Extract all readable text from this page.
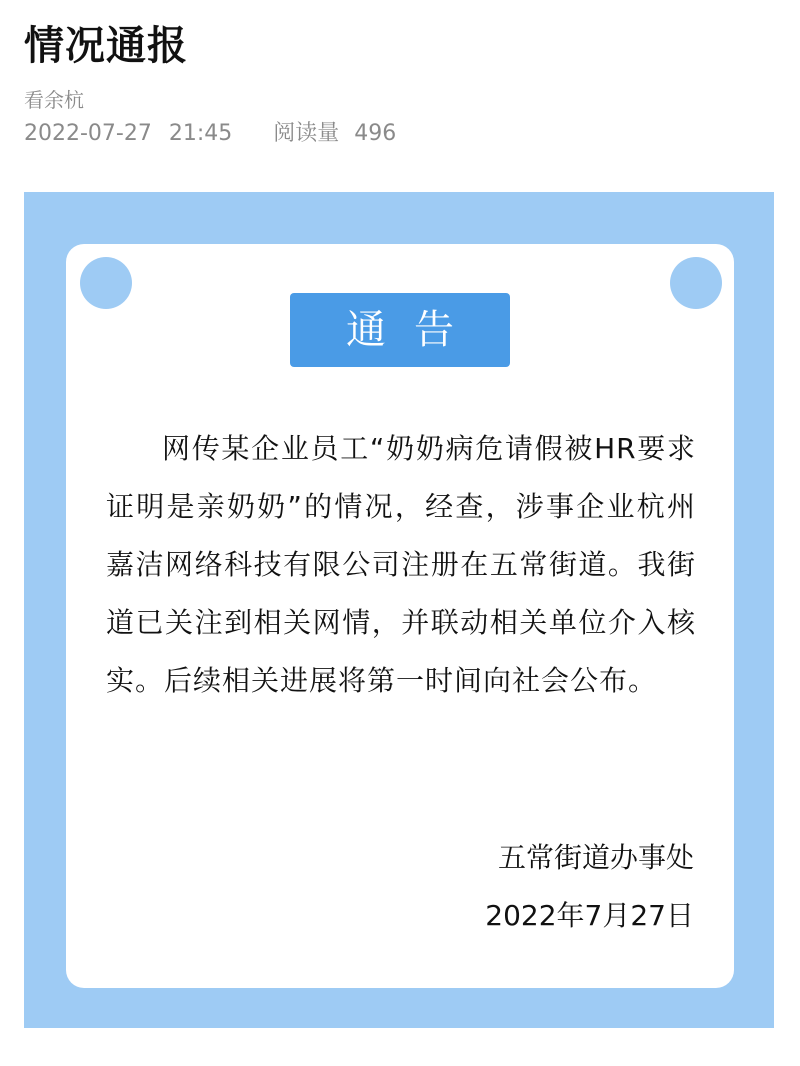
情况通报
看余杭
2022-07-27 21:45 阅读量 496
通告
网传某企业员工“奶奶病危请假被HR要求证明是亲奶奶”的情况，经查，涉事企业杭州嘉洁网络科技有限公司注册在五常街道。我街道已关注到相关网情，并联动相关单位介入核实。后续相关进展将第一时间向社会公布。
五常街道办事处
2022年7月27日
